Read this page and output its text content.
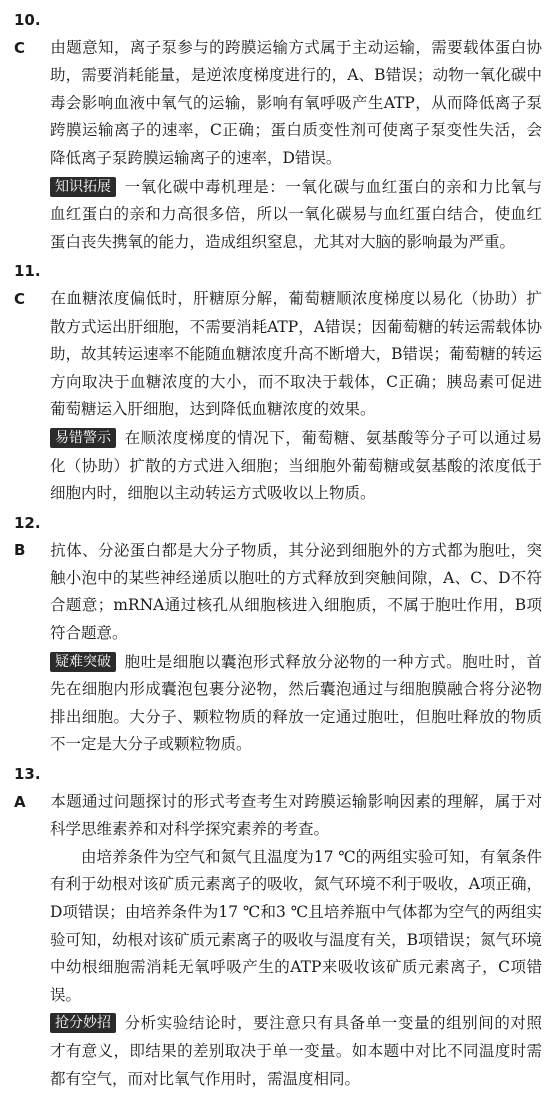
10.C 由题意知，离子泵参与的跨膜运输方式属于主动运输，需要载体蛋白协助，需要消耗能量，是逆浓度梯度进行的，A、B错误；动物一氧化碳中毒会影响血液中氧气的运输，影响有氧呼吸产生ATP，从而降低离子泵跨膜运输离子的速率，C正确；蛋白质变性剂可使离子泵变性失活，会降低离子泵跨膜运输离子的速率，D错误。
知识拓展 一氧化碳中毒机理是：一氧化碳与血红蛋白的亲和力比氧与血红蛋白的亲和力高很多倍，所以一氧化碳易与血红蛋白结合，使血红蛋白丧失携氧的能力，造成组织窒息，尤其对大脑的影响最为严重。
11.C 在血糖浓度偏低时，肝糖原分解，葡萄糖顺浓度梯度以易化（协助）扩散方式运出肝细胞，不需要消耗ATP，A错误；因葡萄糖的转运需载体协助，故其转运速率不能随血糖浓度升高不断增大，B错误；葡萄糖的转运方向取决于血糖浓度的大小，而不取决于载体，C正确；胰岛素可促进葡萄糖运入肝细胞，达到降低血糖浓度的效果。
易错警示 在顺浓度梯度的情况下，葡萄糖、氨基酸等分子可以通过易化（协助）扩散的方式进入细胞；当细胞外葡萄糖或氨基酸的浓度低于细胞内时，细胞以主动转运方式吸收以上物质。
12.B 抗体、分泌蛋白都是大分子物质，其分泌到细胞外的方式都为胞吐，突触小泡中的某些神经递质以胞吐的方式释放到突触间隙，A、C、D不符合题意；mRNA通过核孔从细胞核进入细胞质，不属于胞吐作用，B项符合题意。
疑难突破 胞吐是细胞以囊泡形式释放分泌物的一种方式。胞吐时，首先在细胞内形成囊泡包裹分泌物，然后囊泡通过与细胞膜融合将分泌物排出细胞。大分子、颗粒物质的释放一定通过胞吐，但胞吐释放的物质不一定是大分子或颗粒物质。
13.A 本题通过问题探讨的形式考查考生对跨膜运输影响因素的理解，属于对科学思维素养和对科学探究素养的考查。
由培养条件为空气和氮气且温度为17 ℃的两组实验可知，有氧条件有利于幼根对该矿质元素离子的吸收，氮气环境不利于吸收，A项正确，D项错误；由培养条件为17 ℃和3 ℃且培养瓶中气体都为空气的两组实验可知，幼根对该矿质元素离子的吸收与温度有关，B项错误；氮气环境中幼根细胞需消耗无氧呼吸产生的ATP来吸收该矿质元素离子，C项错误。
抢分妙招 分析实验结论时，要注意只有具备单一变量的组别间的对照才有意义，即结果的差别取决于单一变量。如本题中对比不同温度时需都有空气，而对比氧气作用时，需温度相同。
